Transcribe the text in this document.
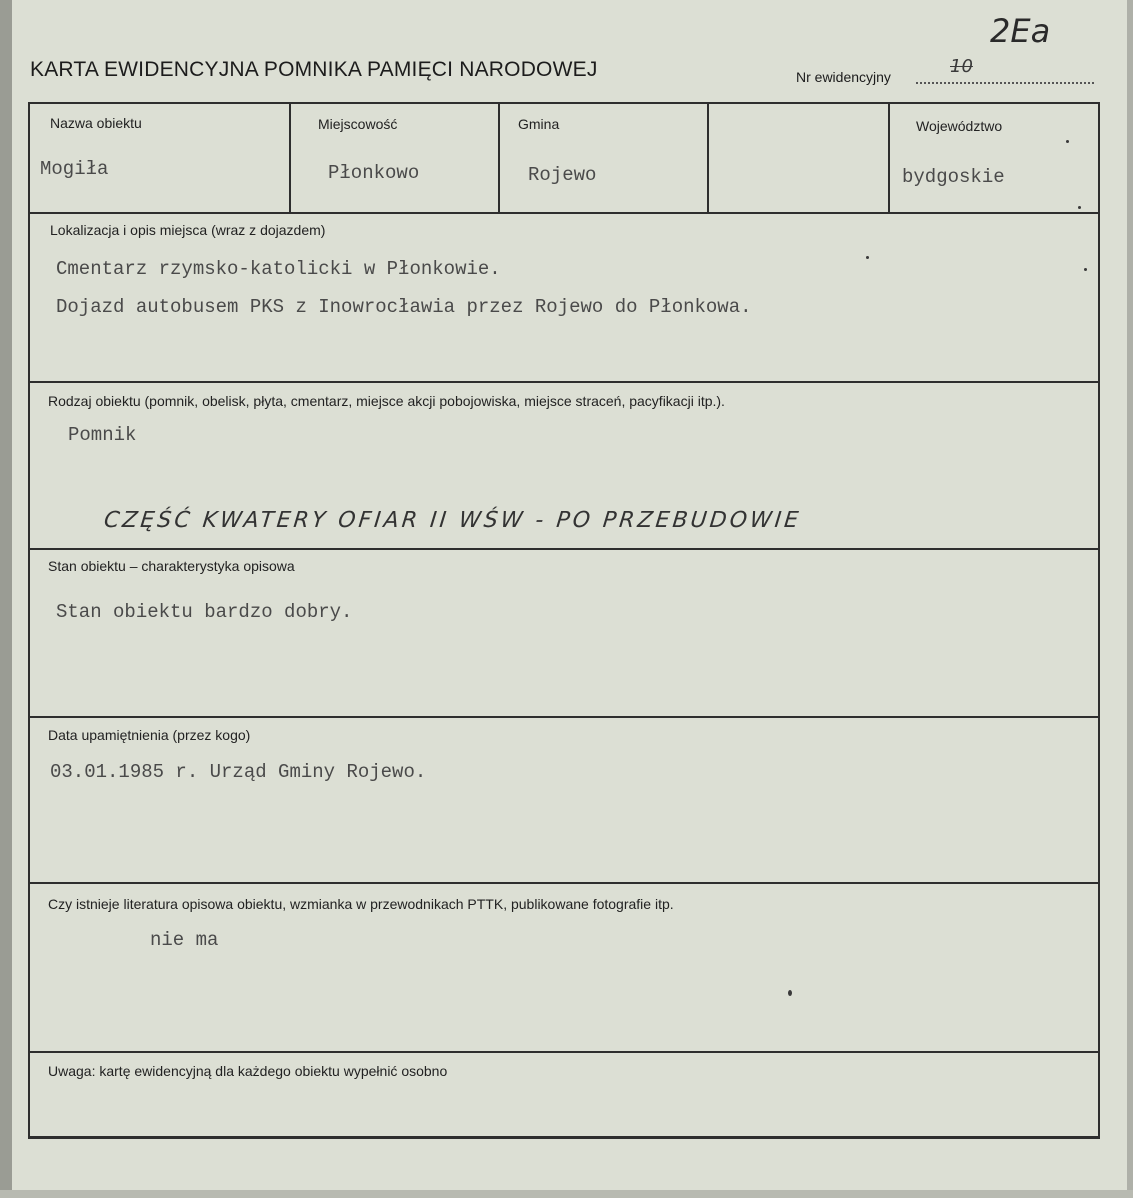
2Ea
KARTA EWIDENCYJNA POMNIKA PAMIĘCI NARODOWEJ	Nr ewidencyjny	10
Nazwa obiektu
Mogiła
Miejscowość
Płonkowo
Gmina
Rojewo
Województwo
bydgoskie
Lokalizacja i opis miejsca (wraz z dojazdem)
Cmentarz rzymsko-katolicki w Płonkowie.
Dojazd autobusem PKS z Inowrocławia przez Rojewo do Płonkowa.
Rodzaj obiektu (pomnik, obelisk, płyta, cmentarz, miejsce akcji pobojowiska, miejsce straceń, pacyfikacji itp.).
Pomnik
CZĘŚĆ KWATERY OFIAR II WŚW - PO PRZEBUDOWIE
Stan obiektu – charakterystyka opisowa
Stan obiektu bardzo dobry.
Data upamiętnienia (przez kogo)
03.01.1985 r. Urząd Gminy Rojewo.
Czy istnieje literatura opisowa obiektu, wzmianka w przewodnikach PTTK, publikowane fotografie itp.
nie ma
Uwaga: kartę ewidencyjną dla każdego obiektu wypełnić osobno
